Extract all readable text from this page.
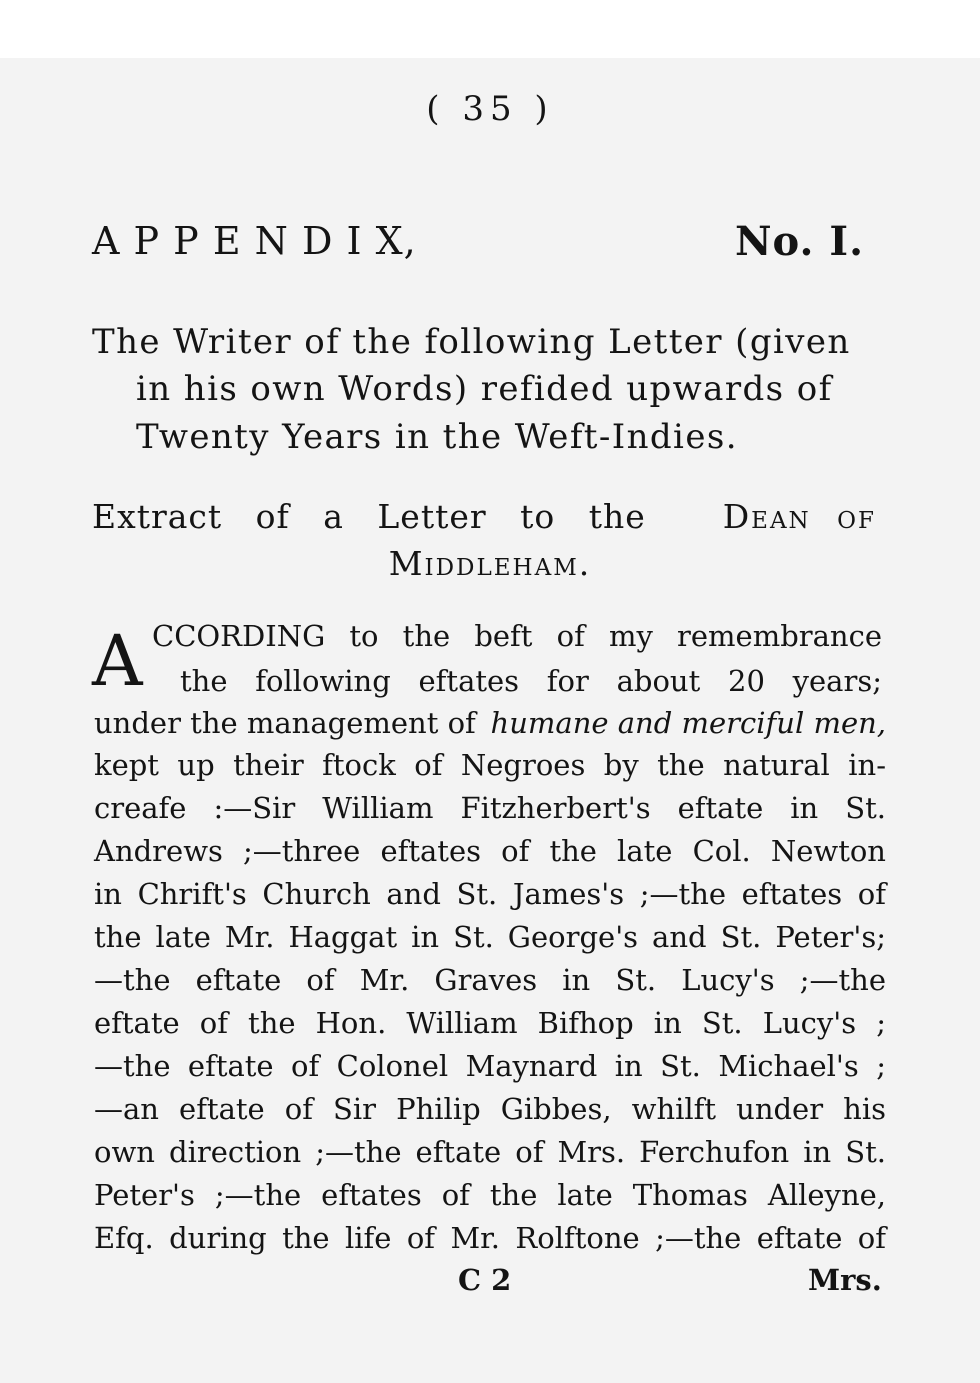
( 35 )

A P P E N D I X,	No. I.

The Writer of the following Letter (given

in his own Words) refided upwards of

Twenty Years in the Weft-Indies.

Extract of a Letter to the Dean of

Middleham.

A CCORDING to the beft of my remembrance

the following eftates for about 20 years;

under the management of humane and merciful men,

kept up their ftock of Negroes by the natural in-

creafe :—Sir William Fitzherbert's eftate in St.

Andrews ;—three eftates of the late Col. Newton

in Chrift's Church and St. James's ;—the eftates of

the late Mr. Haggat in St. George's and St. Peter's;

—the eftate of Mr. Graves in St. Lucy's ;—the

eftate of the Hon. William Bifhop in St. Lucy's ;

—the eftate of Colonel Maynard in St. Michael's ;

—an eftate of Sir Philip Gibbes, whilft under his

own direction ;—the eftate of Mrs. Ferchufon in St.

Peter's ;—the eftates of the late Thomas Alleyne,

Efq. during the life of Mr. Rolftone ;—the eftate of

C 2	Mrs.
